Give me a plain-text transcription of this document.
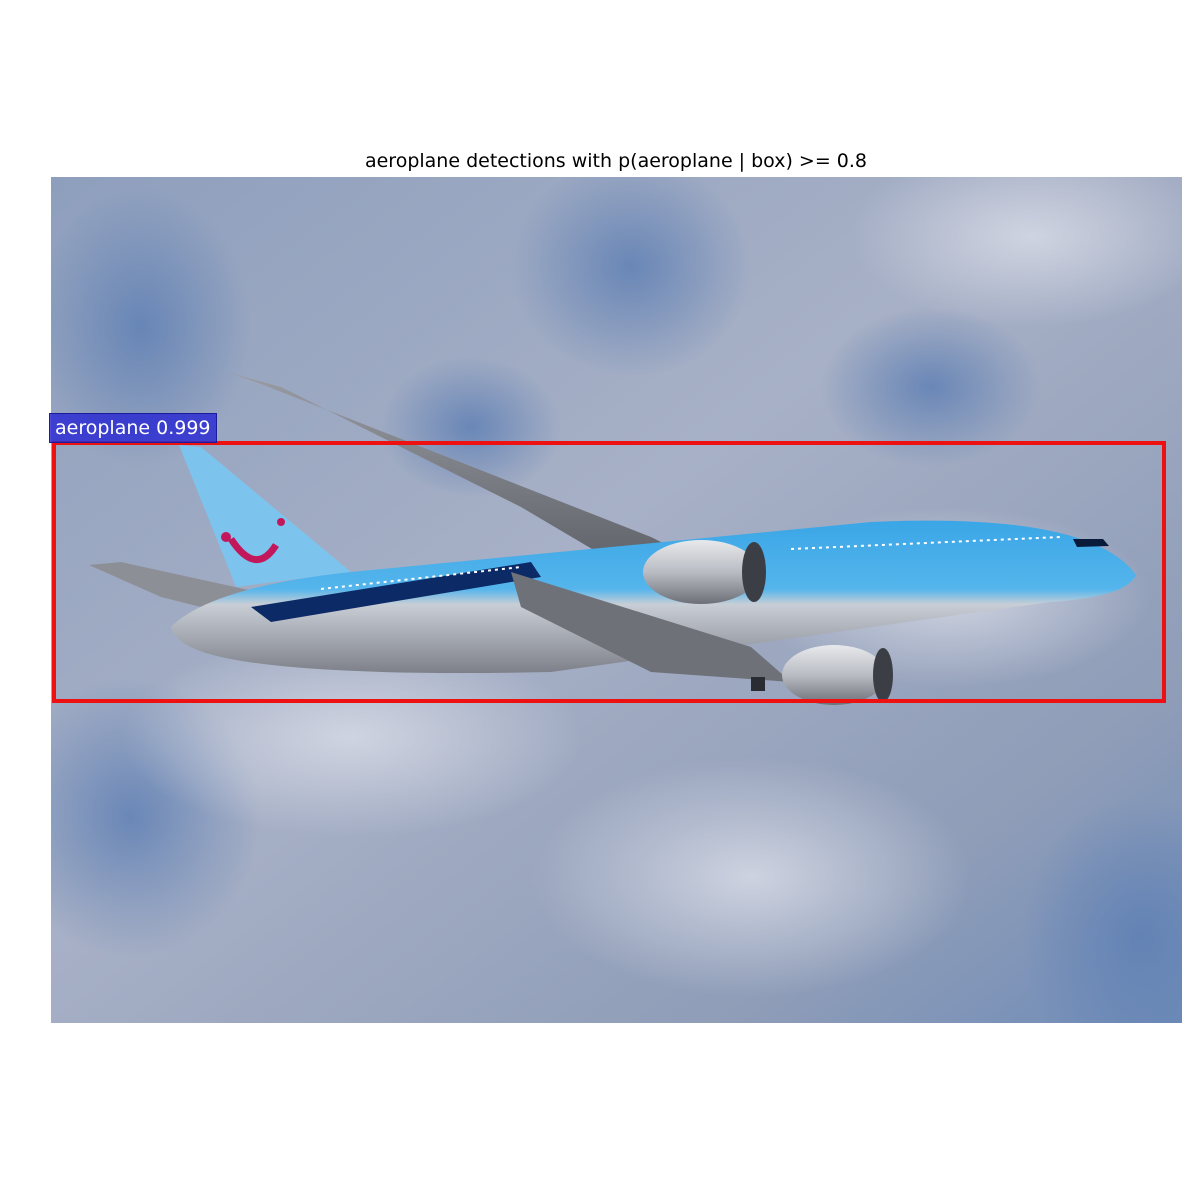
aeroplane detections with p(aeroplane | box) >= 0.8
aeroplane 0.999
